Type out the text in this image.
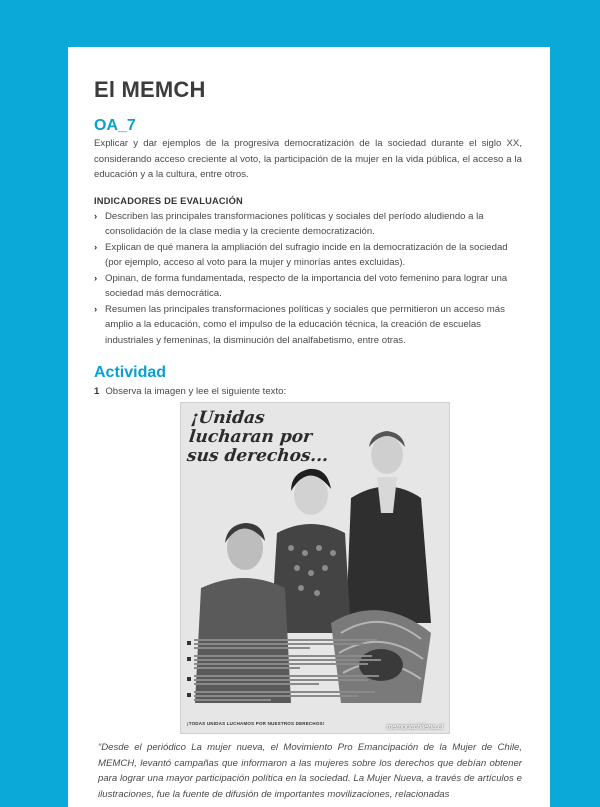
El MEMCH
OA_7

Explicar y dar ejemplos de la progresiva democratización de la sociedad durante el siglo XX, considerando acceso creciente al voto, la participación de la mujer en la vida pública, el acceso a la educación y a la cultura, entre otros.

INDICADORES DE EVALUACIÓN
› Describen las principales transformaciones políticas y sociales del período aludiendo a la consolidación de la clase media y la creciente democratización.
› Explican de qué manera la ampliación del sufragio incide en la democratización de la sociedad (por ejemplo, acceso al voto para la mujer y minorías antes excluidas).
› Opinan, de forma fundamentada, respecto de la importancia del voto femenino para lograr una sociedad más democrática.
› Resumen las principales transformaciones políticas y sociales que permitieron un acceso más amplio a la educación, como el impulso de la educación técnica, la creación de escuelas industriales y femeninas, la disminución del analfabetismo, entre otras.
Actividad
1 Observa la imagen y lee el siguiente texto:
¡Unidas lucharan por sus derechos...
¡TODAS UNIDAS LUCHAMOS POR NUESTROS DERECHOS!
memoriachilena.cl

“Desde el periódico La mujer nueva, el Movimiento Pro Emancipación de la Mujer de Chile, MEMCH, levantó campañas que informaron a las mujeres sobre los derechos que debían obtener para lograr una mayor participación política en la sociedad. La Mujer Nueva, a través de artículos e ilustraciones, fue la fuente de difusión de importantes movilizaciones, relacionadas
